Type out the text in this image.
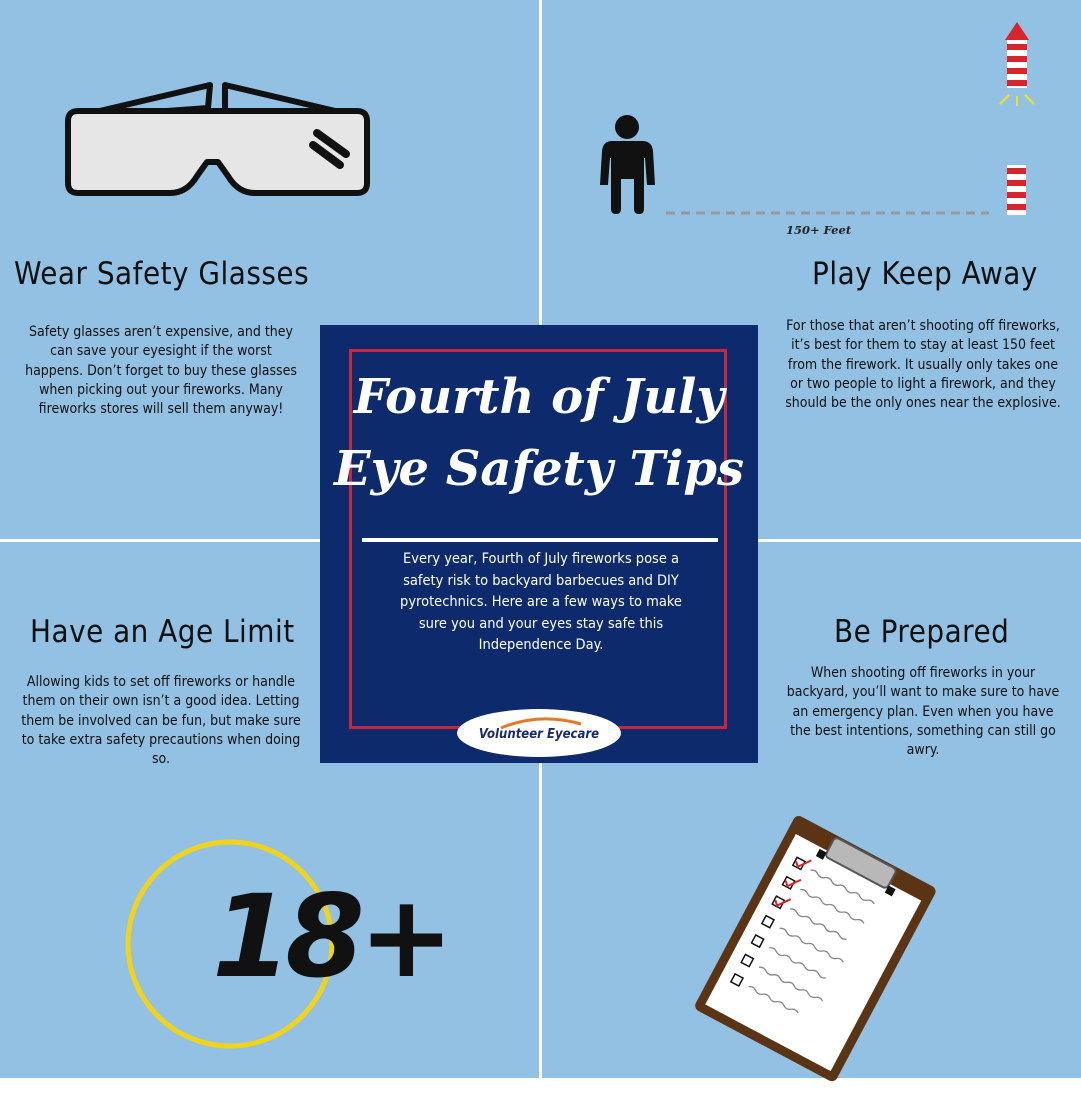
Wear Safety Glasses

Safety glasses aren’t expensive, and they can save your eyesight if the worst happens. Don’t forget to buy these glasses when picking out your fireworks. Many fireworks stores will sell them anyway!

150+ Feet

Play Keep Away

For those that aren’t shooting off fireworks, it’s best for them to stay at least 150 feet from the firework. It usually only takes one or two people to light a firework, and they should be the only ones near the explosive.

Have an Age Limit

Allowing kids to set off fireworks or handle them on their own isn’t a good idea. Letting them be involved can be fun, but make sure to take extra safety precautions when doing so.

18+

Be Prepared

When shooting off fireworks in your backyard, you’ll want to make sure to have an emergency plan. Even when you have the best intentions, something can still go awry.

Fourth of July
Eye Safety Tips

Every year, Fourth of July fireworks pose a safety risk to backyard barbecues and DIY pyrotechnics. Here are a few ways to make sure you and your eyes stay safe this Independence Day.

Volunteer Eyecare
